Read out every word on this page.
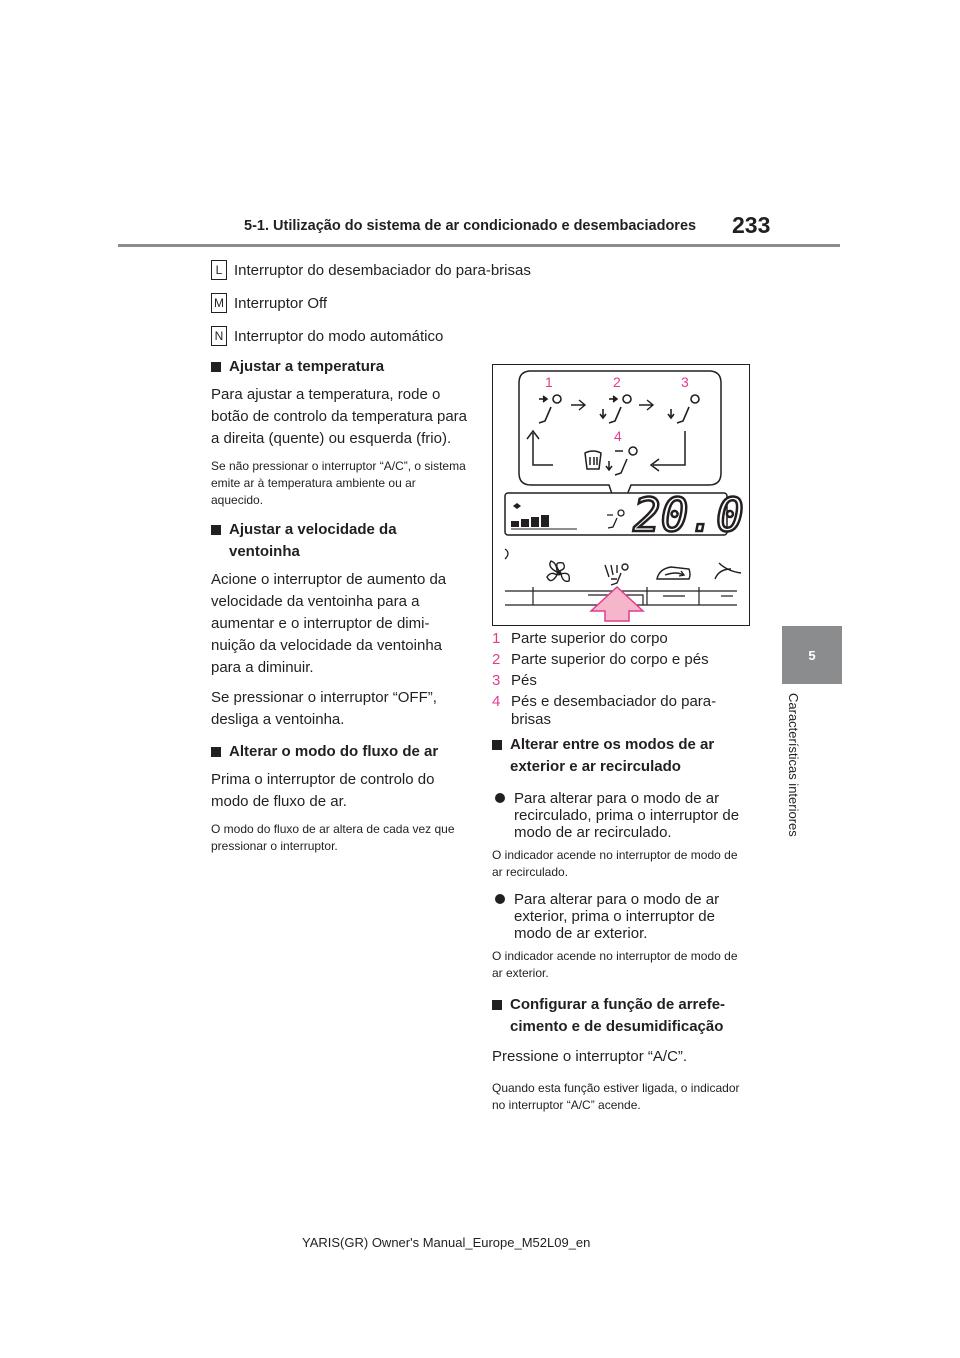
5-1. Utilização do sistema de ar condicionado e desembaciadores 233
5
Características interiores
L Interruptor do desembaciador do para-brisas
M Interruptor Off
N Interruptor do modo automático
Ajustar a temperatura
Para ajustar a temperatura, rode o botão de controlo da temperatura para a direita (quente) ou esquerda (frio).
Se não pressionar o interruptor “A/C”, o sistema emite ar à temperatura ambiente ou ar aquecido.
Ajustar a velocidade da ventoinha
Acione o interruptor de aumento da velocidade da ventoinha para a aumentar e o interruptor de diminuição da velocidade da ventoinha para a diminuir.
Se pressionar o interruptor “OFF”, desliga a ventoinha.
Alterar o modo do fluxo de ar
Prima o interruptor de controlo do modo de fluxo de ar.
O modo do fluxo de ar altera de cada vez que pressionar o interruptor.
1	2	3
4
20.0
1 Parte superior do corpo
2 Parte superior do corpo e pés
3 Pés
4 Pés e desembaciador do para-brisas
Alterar entre os modos de ar exterior e ar recirculado
Para alterar para o modo de ar recirculado, prima o interruptor de modo de ar recirculado.
O indicador acende no interruptor de modo de ar recirculado.
Para alterar para o modo de ar exterior, prima o interruptor de modo de ar exterior.
O indicador acende no interruptor de modo de ar exterior.
Configurar a função de arrefecimento e de desumidificação
Pressione o interruptor “A/C”.
Quando esta função estiver ligada, o indicador no interruptor “A/C” acende.
YARIS(GR) Owner's Manual_Europe_M52L09_en
